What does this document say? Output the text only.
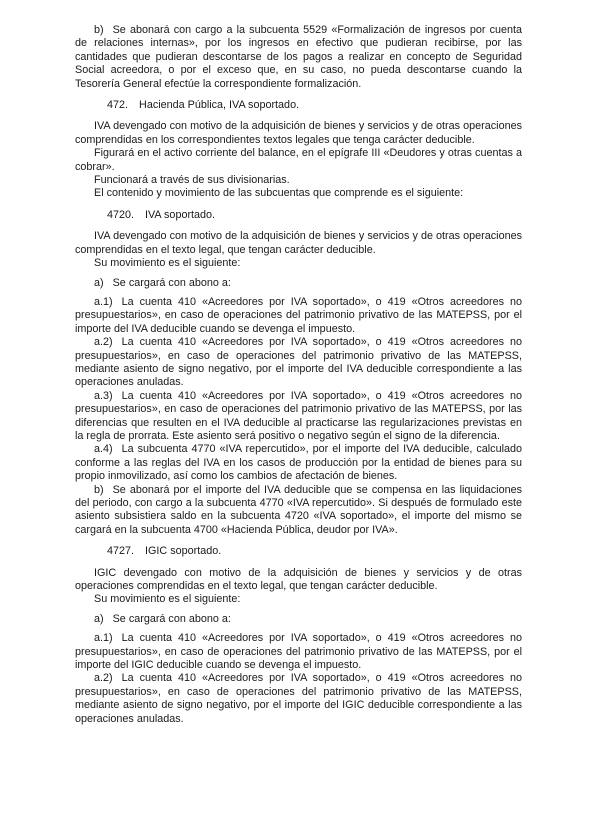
b) Se abonará con cargo a la subcuenta 5529 «Formalización de ingresos por cuenta de relaciones internas», por los ingresos en efectivo que pudieran recibirse, por las cantidades que pudieran descontarse de los pagos a realizar en concepto de Seguridad Social acreedora, o por el exceso que, en su caso, no pueda descontarse cuando la Tesorería General efectúe la correspondiente formalización.

472. Hacienda Pública, IVA soportado.

IVA devengado con motivo de la adquisición de bienes y servicios y de otras operaciones comprendidas en los correspondientes textos legales que tenga carácter deducible.

Figurará en el activo corriente del balance, en el epígrafe III «Deudores y otras cuentas a cobrar».

Funcionará a través de sus divisionarias.

El contenido y movimiento de las subcuentas que comprende es el siguiente:

4720. IVA soportado.

IVA devengado con motivo de la adquisición de bienes y servicios y de otras operaciones comprendidas en el texto legal, que tengan carácter deducible.

Su movimiento es el siguiente:

a) Se cargará con abono a:

a.1) La cuenta 410 «Acreedores por IVA soportado», o 419 «Otros acreedores no presupuestarios», en caso de operaciones del patrimonio privativo de las MATEPSS, por el importe del IVA deducible cuando se devenga el impuesto.

a.2) La cuenta 410 «Acreedores por IVA soportado», o 419 «Otros acreedores no presupuestarios», en caso de operaciones del patrimonio privativo de las MATEPSS, mediante asiento de signo negativo, por el importe del IVA deducible correspondiente a las operaciones anuladas.

a.3) La cuenta 410 «Acreedores por IVA soportado», o 419 «Otros acreedores no presupuestarios», en caso de operaciones del patrimonio privativo de las MATEPSS, por las diferencias que resulten en el IVA deducible al practicarse las regularizaciones previstas en la regla de prorrata. Este asiento será positivo o negativo según el signo de la diferencia.

a.4) La subcuenta 4770 «IVA repercutido», por el importe del IVA deducible, calculado conforme a las reglas del IVA en los casos de producción por la entidad de bienes para su propio inmovilizado, así como los cambios de afectación de bienes.

b) Se abonará por el importe del IVA deducible que se compensa en las liquidaciones del periodo, con cargo a la subcuenta 4770 «IVA repercutido». Si después de formulado este asiento subsistiera saldo en la subcuenta 4720 «IVA soportado», el importe del mismo se cargará en la subcuenta 4700 «Hacienda Pública, deudor por IVA».

4727. IGIC soportado.

IGIC devengado con motivo de la adquisición de bienes y servicios y de otras operaciones comprendidas en el texto legal, que tengan carácter deducible.

Su movimiento es el siguiente:

a) Se cargará con abono a:

a.1) La cuenta 410 «Acreedores por IVA soportado», o 419 «Otros acreedores no presupuestarios», en caso de operaciones del patrimonio privativo de las MATEPSS, por el importe del IGIC deducible cuando se devenga el impuesto.

a.2) La cuenta 410 «Acreedores por IVA soportado», o 419 «Otros acreedores no presupuestarios», en caso de operaciones del patrimonio privativo de las MATEPSS, mediante asiento de signo negativo, por el importe del IGIC deducible correspondiente a las operaciones anuladas.
